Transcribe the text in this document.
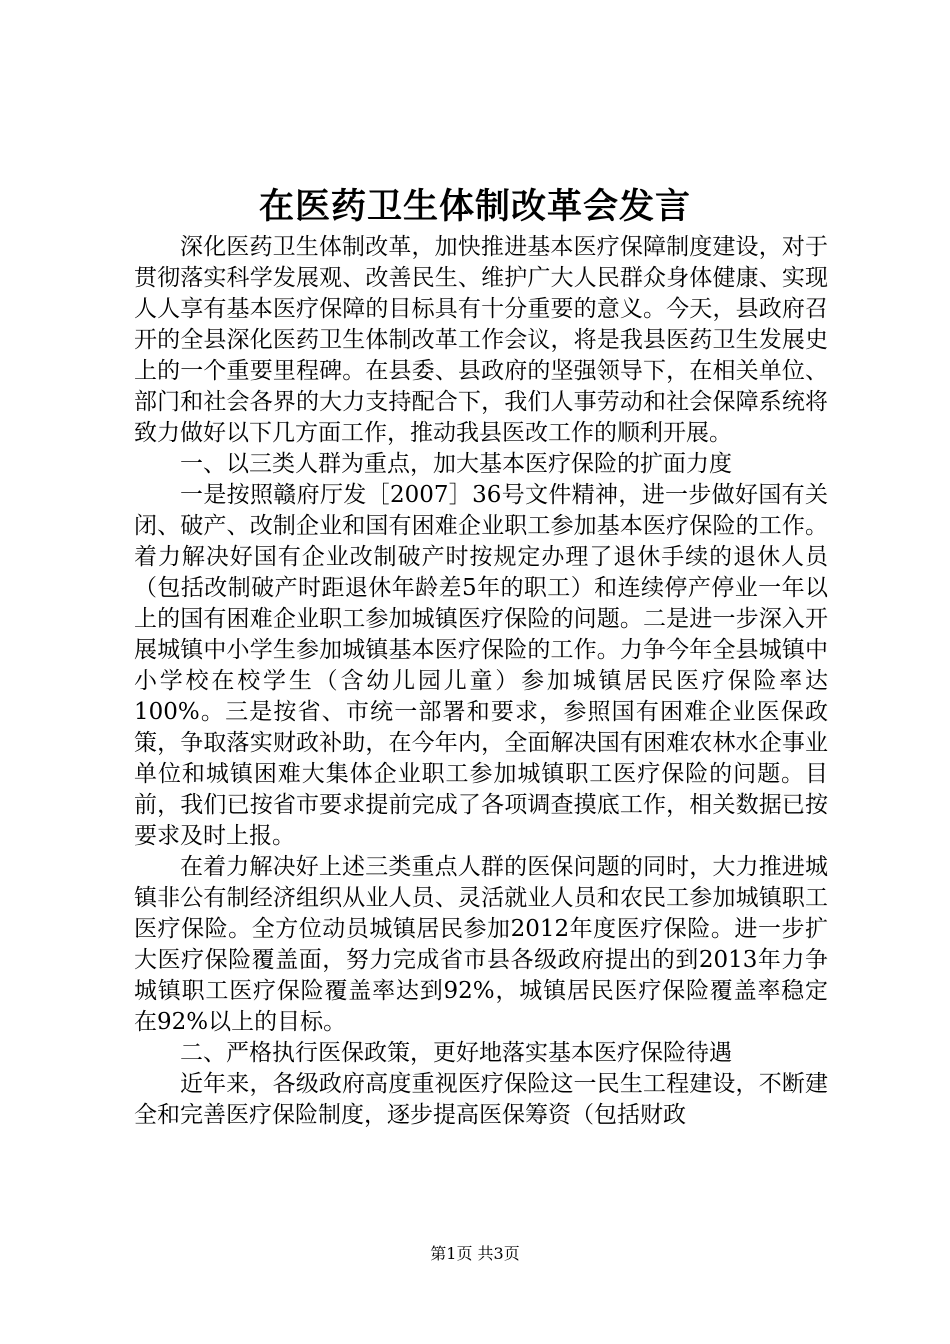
在医药卫生体制改革会发言

深化医药卫生体制改革，加快推进基本医疗保障制度建设，对于贯彻落实科学发展观、改善民生、维护广大人民群众身体健康、实现人人享有基本医疗保障的目标具有十分重要的意义。今天，县政府召开的全县深化医药卫生体制改革工作会议，将是我县医药卫生发展史上的一个重要里程碑。在县委、县政府的坚强领导下，在相关单位、部门和社会各界的大力支持配合下，我们人事劳动和社会保障系统将致力做好以下几方面工作，推动我县医改工作的顺利开展。

一、以三类人群为重点，加大基本医疗保险的扩面力度

一是按照赣府厅发［2007］36号文件精神，进一步做好国有关闭、破产、改制企业和国有困难企业职工参加基本医疗保险的工作。着力解决好国有企业改制破产时按规定办理了退休手续的退休人员（包括改制破产时距退休年龄差5年的职工）和连续停产停业一年以上的国有困难企业职工参加城镇医疗保险的问题。二是进一步深入开展城镇中小学生参加城镇基本医疗保险的工作。力争今年全县城镇中小学校在校学生（含幼儿园儿童）参加城镇居民医疗保险率达100%。三是按省、市统一部署和要求，参照国有困难企业医保政策，争取落实财政补助，在今年内，全面解决国有困难农林水企事业单位和城镇困难大集体企业职工参加城镇职工医疗保险的问题。目前，我们已按省市要求提前完成了各项调查摸底工作，相关数据已按要求及时上报。

在着力解决好上述三类重点人群的医保问题的同时，大力推进城镇非公有制经济组织从业人员、灵活就业人员和农民工参加城镇职工医疗保险。全方位动员城镇居民参加2012年度医疗保险。进一步扩大医疗保险覆盖面，努力完成省市县各级政府提出的到2013年力争城镇职工医疗保险覆盖率达到92%，城镇居民医疗保险覆盖率稳定在92%以上的目标。

二、严格执行医保政策，更好地落实基本医疗保险待遇

近年来，各级政府高度重视医疗保险这一民生工程建设，不断建全和完善医疗保险制度，逐步提高医保筹资（包括财政

第1页 共3页
